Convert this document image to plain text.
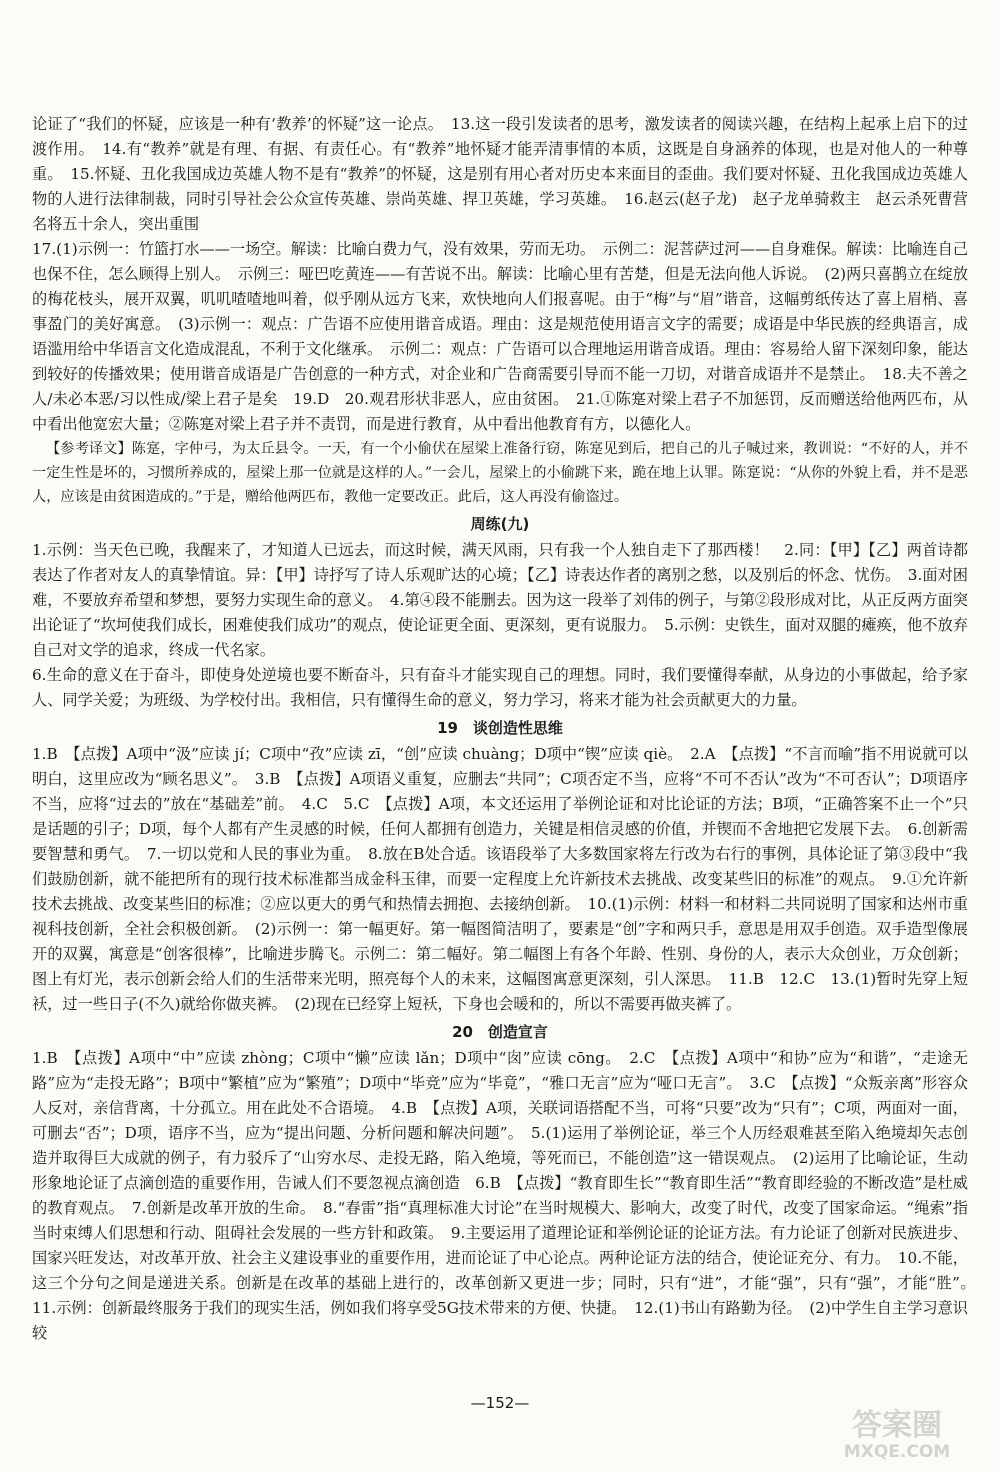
论证了“我们的怀疑，应该是一种有‘教养’的怀疑”这一论点。　13.这一段引发读者的思考，激发读者的阅读兴趣，在结构上起承上启下的过渡作用。　14.有“教养”就是有理、有据、有责任心。有“教养”地怀疑才能弄清事情的本质，这既是自身涵养的体现，也是对他人的一种尊重。　15.怀疑、丑化我国成边英雄人物不是有“教养”的怀疑，这是别有用心者对历史本来面目的歪曲。我们要对怀疑、丑化我国成边英雄人物的人进行法律制裁，同时引导社会公众宣传英雄、崇尚英雄、捍卫英雄，学习英雄。　16.赵云(赵子龙)　赵子龙单骑救主　赵云杀死曹营名将五十余人，突出重围

17.(1)示例一：竹篮打水——一场空。解读：比喻白费力气，没有效果，劳而无功。　示例二：泥菩萨过河——自身难保。解读：比喻连自己也保不住，怎么顾得上别人。　示例三：哑巴吃黄连——有苦说不出。解读：比喻心里有苦楚，但是无法向他人诉说。　(2)两只喜鹊立在绽放的梅花枝头，展开双翼，叽叽喳喳地叫着，似乎刚从远方飞来，欢快地向人们报喜呢。由于“梅”与“眉”谐音，这幅剪纸传达了喜上眉梢、喜事盈门的美好寓意。　(3)示例一：观点：广告语不应使用谐音成语。理由：这是规范使用语言文字的需要；成语是中华民族的经典语言，成语滥用给中华语言文化造成混乱，不利于文化继承。　示例二：观点：广告语可以合理地运用谐音成语。理由：容易给人留下深刻印象，能达到较好的传播效果；使用谐音成语是广告创意的一种方式，对企业和广告商需要引导而不能一刀切，对谐音成语并不是禁止。　18.夫不善之人/未必本恶/习以性成/梁上君子是矣　19.D　20.观君形状非恶人，应由贫困。　21.①陈寔对梁上君子不加惩罚，反而赠送给他两匹布，从中看出他宽宏大量；②陈寔对梁上君子并不责罚，而是进行教育，从中看出他教育有方，以德化人。

【参考译文】陈寔，字仲弓，为太丘县令。一天，有一个小偷伏在屋梁上准备行窃，陈寔见到后，把自己的儿子喊过来，教训说：“不好的人，并不一定生性是坏的，习惯所养成的，屋梁上那一位就是这样的人。”一会儿，屋梁上的小偷跳下来，跪在地上认罪。陈寔说：“从你的外貌上看，并不是恶人，应该是由贫困造成的。”于是，赠给他两匹布，教他一定要改正。此后，这人再没有偷盗过。

周练(九)

1.示例：当天色已晚，我醒来了，才知道人已远去，而这时候，满天风雨，只有我一个人独自走下了那西楼！　2.同：【甲】【乙】两首诗都表达了作者对友人的真挚情谊。异：【甲】诗抒写了诗人乐观旷达的心境；【乙】诗表达作者的离别之愁，以及别后的怀念、忧伤。　3.面对困难，不要放弃希望和梦想，要努力实现生命的意义。　4.第④段不能删去。因为这一段举了刘伟的例子，与第②段形成对比，从正反两方面突出论证了“坎坷使我们成长，困难使我们成功”的观点，使论证更全面、更深刻，更有说服力。　5.示例：史铁生，面对双腿的瘫痪，他不放弃自己对文学的追求，终成一代名家。

6.生命的意义在于奋斗，即使身处逆境也要不断奋斗，只有奋斗才能实现自己的理想。同时，我们要懂得奉献，从身边的小事做起，给予家人、同学关爱；为班级、为学校付出。我相信，只有懂得生命的意义，努力学习，将来才能为社会贡献更大的力量。

19　谈创造性思维

1.B　【点拨】A项中“汲”应读 jí；C项中“孜”应读 zī，“创”应读 chuàng；D项中“锲”应读 qiè。　2.A　【点拨】“不言而喻”指不用说就可以明白，这里应改为“顾名思义”。　3.B　【点拨】A项语义重复，应删去“共同”；C项否定不当，应将“不可不否认”改为“不可否认”；D项语序不当，应将“过去的”放在“基础差”前。　4.C　5.C　【点拨】A项，本文还运用了举例论证和对比论证的方法；B项，“正确答案不止一个”只是话题的引子；D项，每个人都有产生灵感的时候，任何人都拥有创造力，关键是相信灵感的价值，并锲而不舍地把它发展下去。　6.创新需要智慧和勇气。　7.一切以党和人民的事业为重。　8.放在B处合适。该语段举了大多数国家将左行改为右行的事例，具体论证了第③段中“我们鼓励创新，就不能把所有的现行技术标准都当成金科玉律，而要一定程度上允许新技术去挑战、改变某些旧的标准”的观点。　9.①允许新技术去挑战、改变某些旧的标准；②应以更大的勇气和热情去拥抱、去接纳创新。　10.(1)示例：材料一和材料二共同说明了国家和达州市重视科技创新，全社会积极创新。　(2)示例一：第一幅更好。第一幅图简洁明了，要素是“创”字和两只手，意思是用双手创造。双手造型像展开的双翼，寓意是“创客很棒”，比喻进步腾飞。示例二：第二幅好。第二幅图上有各个年龄、性别、身份的人，表示大众创业，万众创新；图上有灯光，表示创新会给人们的生活带来光明，照亮每个人的未来，这幅图寓意更深刻，引人深思。　11.B　12.C　13.(1)暂时先穿上短袄，过一些日子(不久)就给你做夹裤。　(2)现在已经穿上短袄，下身也会暖和的，所以不需要再做夹裤了。

20　创造宣言

1.B　【点拨】A项中“中”应读 zhòng；C项中“懒”应读 lǎn；D项中“囱”应读 cōng。　2.C　【点拨】A项中“和协”应为“和谐”，“走途无路”应为“走投无路”；B项中“繁植”应为“繁殖”；D项中“毕竞”应为“毕竟”，“雅口无言”应为“哑口无言”。　3.C　【点拨】“众叛亲离”形容众人反对，亲信背离，十分孤立。用在此处不合语境。　4.B　【点拨】A项，关联词语搭配不当，可将“只要”改为“只有”；C项，两面对一面，可删去“否”；D项，语序不当，应为“提出问题、分析问题和解决问题”。　5.(1)运用了举例论证，举三个人历经艰难甚至陷入绝境却矢志创造并取得巨大成就的例子，有力驳斥了“山穷水尽、走投无路，陷入绝境，等死而已，不能创造”这一错误观点。　(2)运用了比喻论证，生动形象地论证了点滴创造的重要作用，告诫人们不要忽视点滴创造　6.B　【点拨】“教育即生长”“教育即生活”“教育即经验的不断改造”是杜威的教育观点。　7.创新是改革开放的生命。　8.“春雷”指“真理标准大讨论”在当时规模大、影响大，改变了时代，改变了国家命运。“绳索”指当时束缚人们思想和行动、阻碍社会发展的一些方针和政策。　9.主要运用了道理论证和举例论证的论证方法。有力论证了创新对民族进步、国家兴旺发达，对改革开放、社会主义建设事业的重要作用，进而论证了中心论点。两种论证方法的结合，使论证充分、有力。　10.不能，这三个分句之间是递进关系。创新是在改革的基础上进行的，改革创新又更进一步；同时，只有“进”，才能“强”，只有“强”，才能“胜”。　11.示例：创新最终服务于我们的现实生活，例如我们将享受5G技术带来的方便、快捷。　12.(1)书山有路勤为径。　(2)中学生自主学习意识较

—152—
答案圈
MXQE.COM
